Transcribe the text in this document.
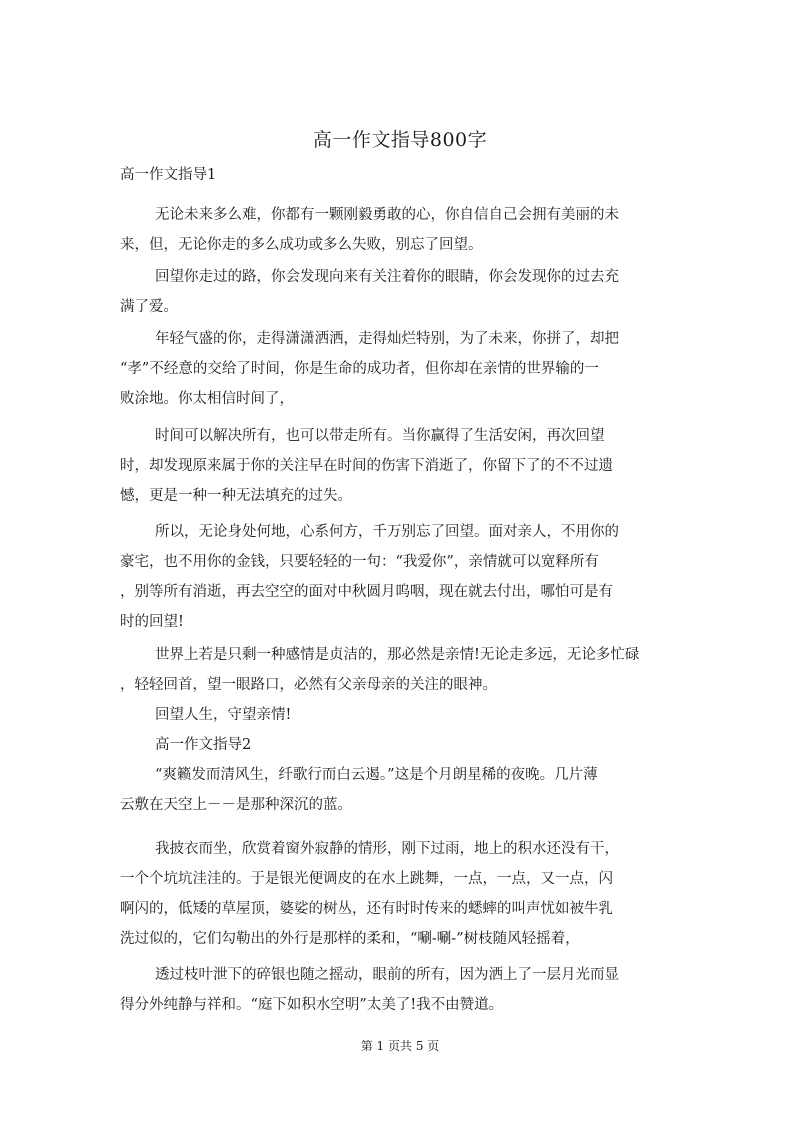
高一作文指导800字
高一作文指导1
无论未来多么难，你都有一颗刚毅勇敢的心，你自信自己会拥有美丽的未
来，但，无论你走的多么成功或多么失败，别忘了回望。
回望你走过的路，你会发现向来有关注着你的眼睛，你会发现你的过去充
满了爱。
年轻气盛的你，走得潇潇洒洒，走得灿烂特别，为了未来，你拼了，却把
“孝”不经意的交给了时间，你是生命的成功者，但你却在亲情的世界输的一
败涂地。你太相信时间了，
时间可以解决所有，也可以带走所有。当你赢得了生活安闲，再次回望
时，却发现原来属于你的关注早在时间的伤害下消逝了，你留下了的不不过遗
憾，更是一种一种无法填充的过失。
所以，无论身处何地，心系何方，千万别忘了回望。面对亲人，不用你的
豪宅，也不用你的金钱，只要轻轻的一句：“我爱你”，亲情就可以宽释所有
，别等所有消逝，再去空空的面对中秋圆月呜咽，现在就去付出，哪怕可是有
时的回望!
世界上若是只剩一种感情是贞洁的，那必然是亲情!无论走多远，无论多忙碌
，轻轻回首，望一眼路口，必然有父亲母亲的关注的眼神。
回望人生，守望亲情!
高一作文指导2
“爽籁发而清风生，纤歌行而白云遏。”这是个月朗星稀的夜晚。几片薄
云敷在天空上－－是那种深沉的蓝。
我披衣而坐，欣赏着窗外寂静的情形，刚下过雨，地上的积水还没有干，
一个个坑坑洼洼的。于是银光便调皮的在水上跳舞，一点，一点，又一点，闪
啊闪的，低矮的草屋顶，婆娑的树丛，还有时时传来的蟋蟀的叫声忧如被牛乳
洗过似的，它们勾勒出的外行是那样的柔和，“唰-唰-”树枝随风轻摇着，
透过枝叶泄下的碎银也随之摇动，眼前的所有，因为洒上了一层月光而显
得分外纯静与祥和。“庭下如积水空明”太美了!我不由赞道。
第 1 页共 5 页
